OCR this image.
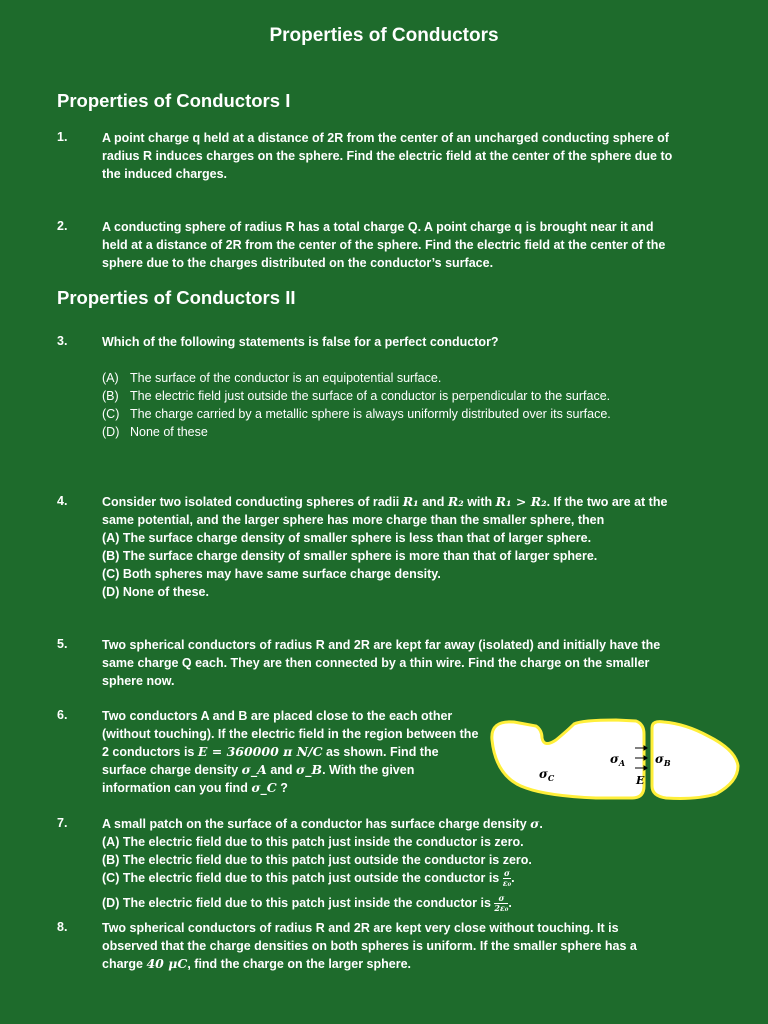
Properties of Conductors
Properties of Conductors I
1.	A point charge q held at a distance of 2R from the center of an uncharged conducting sphere of radius R induces charges on the sphere. Find the electric field at the center of the sphere due to the induced charges.
2.	A conducting sphere of radius R has a total charge Q. A point charge q is brought near it and held at a distance of 2R from the center of the sphere. Find the electric field at the center of the sphere due to the charges distributed on the conductor’s surface.
Properties of Conductors II
3.	Which of the following statements is false for a perfect conductor?

(A) The surface of the conductor is an equipotential surface.
(B) The electric field just outside the surface of a conductor is perpendicular to the surface.
(C) The charge carried by a metallic sphere is always uniformly distributed over its surface.
(D) None of these
4.	Consider two isolated conducting spheres of radii R₁ and R₂ with R₁ > R₂. If the two are at the same potential, and the larger sphere has more charge than the smaller sphere, then

(A) The surface charge density of smaller sphere is less than that of larger sphere.

(B) The surface charge density of smaller sphere is more than that of larger sphere.

(C) Both spheres may have same surface charge density.

(D) None of these.

5.	Two spherical conductors of radius R and 2R are kept far away (isolated) and initially have the same charge Q each. They are then connected by a thin wire. Find the charge on the smaller sphere now.
6.	Two conductors A and B are placed close to the each other (without touching). If the electric field in the region between the 2 conductors is E = 360000 π N/C as shown. Find the surface charge density σ_A and σ_B. With the given information can you find σ_C ?
$\sigma_C$
$\sigma_A$ $\sigma_B$
E
7.	A small patch on the surface of a conductor has surface charge density σ.

(A) The electric field due to this patch just inside the conductor is zero.

(B) The electric field due to this patch just outside the conductor is zero.

(C) The electric field due to this patch just outside the conductor is $\frac{\sigma}{\text{ε₀}}$ .

(D) The electric field due to this patch just inside the conductor is $\frac{\sigma}{\text{2ε₀}}$ .

8.	Two spherical conductors of radius R and 2R are kept very close without touching. It is observed that the charge densities on both spheres is uniform. If the smaller sphere has a charge 40 μC, find the charge on the larger sphere.
